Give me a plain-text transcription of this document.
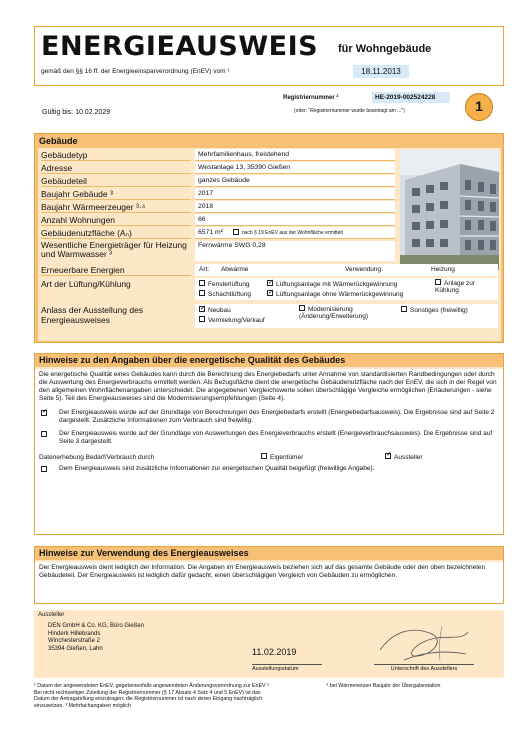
ENERGIEAUSWEIS für Wohngebäude
gemäß den §§ 16 ff. der Energieeinsparverordnung (EnEV) vom ¹	18.11.2013
Registriernummer ²	HE-2019-002524228
(oder: "Registriernummer wurde beantragt am ...")
Gültig bis: 10.02.2029	1
Gebäude
Gebäudetyp	Mehrfamilienhaus, freistehend
Adresse	Westanlage 13, 35390 Gießen
Gebäudeteil	ganzes Gebäude
Baujahr Gebäude ³	2017
Baujahr Wärmeerzeuger ³·⁴	2018
Anzahl Wohnungen	66
Gebäudenutzfläche (Aₙ)	6571 m²	nach § 19 EnEV aus der Wohnfläche ermittelt
Wesentliche Energieträger für Heizung und Warmwasser ³
Fernwärme SWG 0,28
Erneuerbare Energien	Art: Abwärme	Verwendung:	Heizung
Art der Lüftung/Kühlung	Fensterlüftung ✓	Lüftungsanlage mit Wärmerückgewinnung	Anlage zur Kühlung
Schachtlüftung ✓	Lüftungsanlage ohne Wärmerückgewinnung
Anlass der Ausstellung des Energieausweises
✓Neubau	Modernisierung (Änderung/Erweiterung)
Sonstiges (freiwillig)
Vermietung/Verkauf
Hinweise zu den Angaben über die energetische Qualität des Gebäudes

Die energetische Qualität eines Gebäudes kann durch die Berechnung des Energiebedarfs unter Annahme von standardisierten Randbedingungen oder durch die Auswertung des Energieverbrauchs ermittelt werden. Als Bezugsfläche dient die energetische Gebäudenutzfläche nach der EnEV, die sich in der Regel von den allgemeinen Wohnflächenangaben unterscheidet. Die angegebenen Vergleichswerte sollen überschlägige Vergleiche ermöglichen (Erläuterungen - siehe Seite 5). Teil des Energieausweises sind die Modernisierungsempfehlungen (Seite 4).

✓
Der Energieausweis wurde auf der Grundlage von Berechnungen des Energiebedarfs erstellt (Energiebedarfsausweis). Die Ergebnisse sind auf Seite 2 dargestellt. Zusätzliche Informationen zum Verbrauch sind freiwillig.
Der Energieausweis wurde auf der Grundlage von Auswertungen des Energieverbrauchs erstellt (Energieverbrauchsausweis). Die Ergebnisse sind auf Seite 3 dargestellt.
Datenerhebung Bedarf/Verbrauch durch	Eigentümer ✓	Aussteller
Dem Energieausweis sind zusätzliche Informationen zur energetischen Qualität beigefügt (freiwillige Angabe).
Hinweise zur Verwendung des Energieausweises
Der Energieausweis dient lediglich der Information. Die Angaben im Energieausweis beziehen sich auf das gesamte Gebäude oder den oben bezeichneten Gebäudeteil. Der Energieausweis ist lediglich dafür gedacht, einen überschlägigen Vergleich von Gebäuden zu ermöglichen.
Aussteller
DEN GmbH & Co. KG, Büro Gießen
Hinderk Hillebrands
Winchesterstraße 2
35394 Gießen, Lahn	11.02.2019
Ausstellungsdatum	Unterschrift des Ausstellers
¹ Datum der angewendeten EnEV, gegebenenfalls angewendeten Änderungsverordnung zur EnEV ² Bei nicht rechtzeitiger Zuteilung der Registriernummer (§ 17 Absatz 4 Satz 4 und 5 EnEV) ist das Datum der Antragstellung einzutragen; die Registriernummer ist nach deren Eingang nachträglich einzusetzen. ³ Mehrfachangaben möglich
⁴ bei Wärmenetzen Baujahr der Übergabestation
